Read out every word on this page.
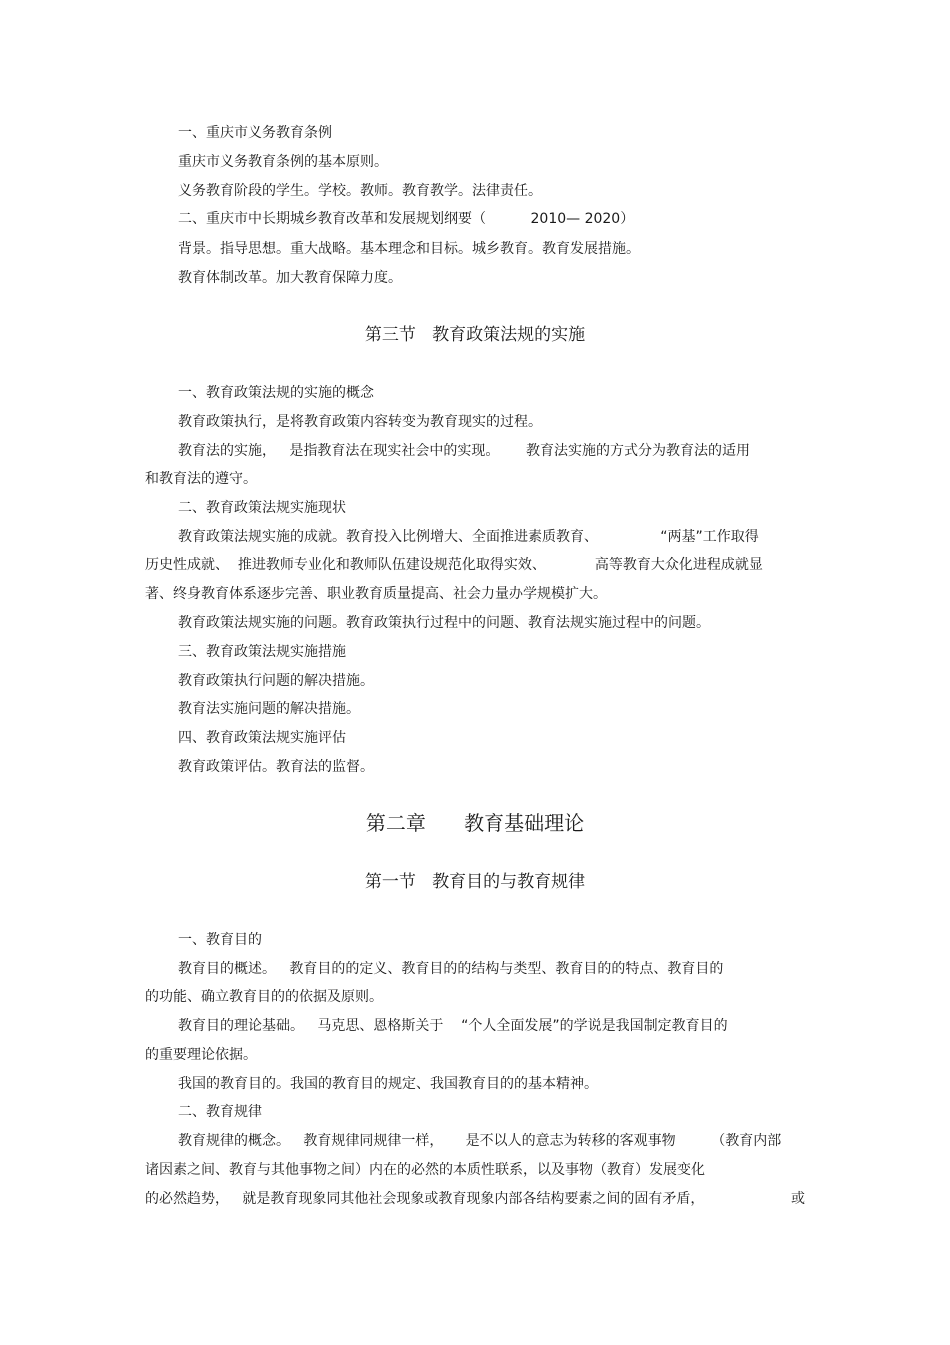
一、重庆市义务教育条例
重庆市义务教育条例的基本原则。
义务教育阶段的学生。学校。教师。教育教学。法律责任。
二、重庆市中长期城乡教育改革和发展规划纲要（          2010— 2020）
背景。指导思想。重大战略。基本理念和目标。城乡教育。教育发展措施。
教育体制改革。加大教育保障力度。
第三节   教育政策法规的实施
一、教育政策法规的实施的概念
教育政策执行，是将教育政策内容转变为教育现实的过程。
教育法的实施，   是指教育法在现实社会中的实现。      教育法实施的方式分为教育法的适用
和教育法的遵守。
二、教育政策法规实施现状
教育政策法规实施的成就。教育投入比例增大、全面推进素质教育、              “两基”工作取得
历史性成就、  推进教师专业化和教师队伍建设规范化取得实效、           高等教育大众化进程成就显
著、终身教育体系逐步完善、职业教育质量提高、社会力量办学规模扩大。
教育政策法规实施的问题。教育政策执行过程中的问题、教育法规实施过程中的问题。
三、教育政策法规实施措施
教育政策执行问题的解决措施。
教育法实施问题的解决措施。
四、教育政策法规实施评估
教育政策评估。教育法的监督。
第二章      教育基础理论
第一节   教育目的与教育规律
一、教育目的
教育目的概述。   教育目的的定义、教育目的的结构与类型、教育目的的特点、教育目的
的功能、确立教育目的的依据及原则。
教育目的理论基础。   马克思、恩格斯关于    “个人全面发展”的学说是我国制定教育目的
的重要理论依据。
我国的教育目的。我国的教育目的规定、我国教育目的的基本精神。
二、教育规律
教育规律的概念。   教育规律同规律一样，     是不以人的意志为转移的客观事物        （教育内部
诸因素之间、教育与其他事物之间）内在的必然的本质性联系，以及事物（教育）发展变化
的必然趋势，   就是教育现象同其他社会现象或教育现象内部各结构要素之间的固有矛盾，	或
